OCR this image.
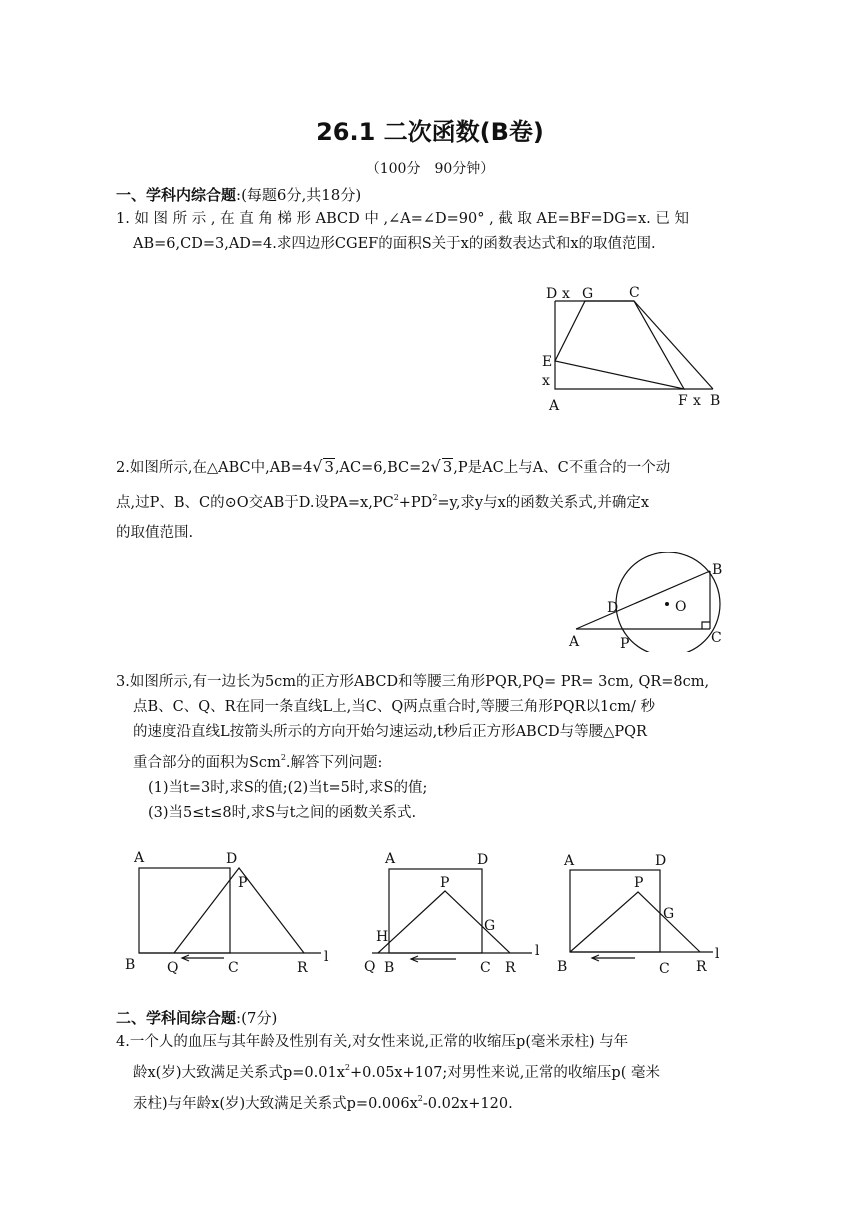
26.1 二次函数(B卷)
（100分　90分钟）
一、学科内综合题:(每题6分,共18分)

1. 如 图 所 示 , 在 直 角 梯 形 ABCD 中 ,∠A=∠D=90° , 截 取 AE=BF=DG=x. 已 知

AB=6,CD=3,AD=4.求四边形CGEF的面积S关于x的函数表达式和x的取值范围.

D x G	C
E
x
A	F x B

2.如图所示,在△ABC中,AB=4√ 3,AC=6,BC=2√ 3,P是AC上与A、C不重合的一个动

点,过P、B、C的⊙O交AB于D.设$PA=x,PC^2+PD^2=y$,求y与x的函数关系式,并确定x

的取值范围.

B
D	O
A	P	C

3.如图所示,有一边长为5cm的正方形ABCD和等腰三角形PQR,PQ= PR= 3cm, QR=8cm,

点B、C、Q、R在同一条直线L上,当C、Q两点重合时,等腰三角形PQR以1cm/ 秒

的速度沿直线L按箭头所示的方向开始匀速运动,t秒后正方形ABCD与等腰△PQR

重合部分的面积为Scm$^2$.解答下列问题:

(1)当t=3时,求S的值;(2)当t=5时,求S的值;

(3)当5≤t≤8时,求S与t之间的函数关系式.

A	D
P
B Q	C	R
l
A	D
P
H
G
Q B	C R
l
A	D
P
G
B	C R
l
二、学科间综合题:(7分)

4.一个人的血压与其年龄及性别有关,对女性来说,正常的收缩压p(毫米汞柱) 与年

龄x(岁)大致满足关系式$p=0.01x^2+0.05x+107$;对男性来说,正常的收缩压p( 毫米

汞柱)与年龄x(岁)大致满足关系式$p=0.006x^2-0.02x+120$.
